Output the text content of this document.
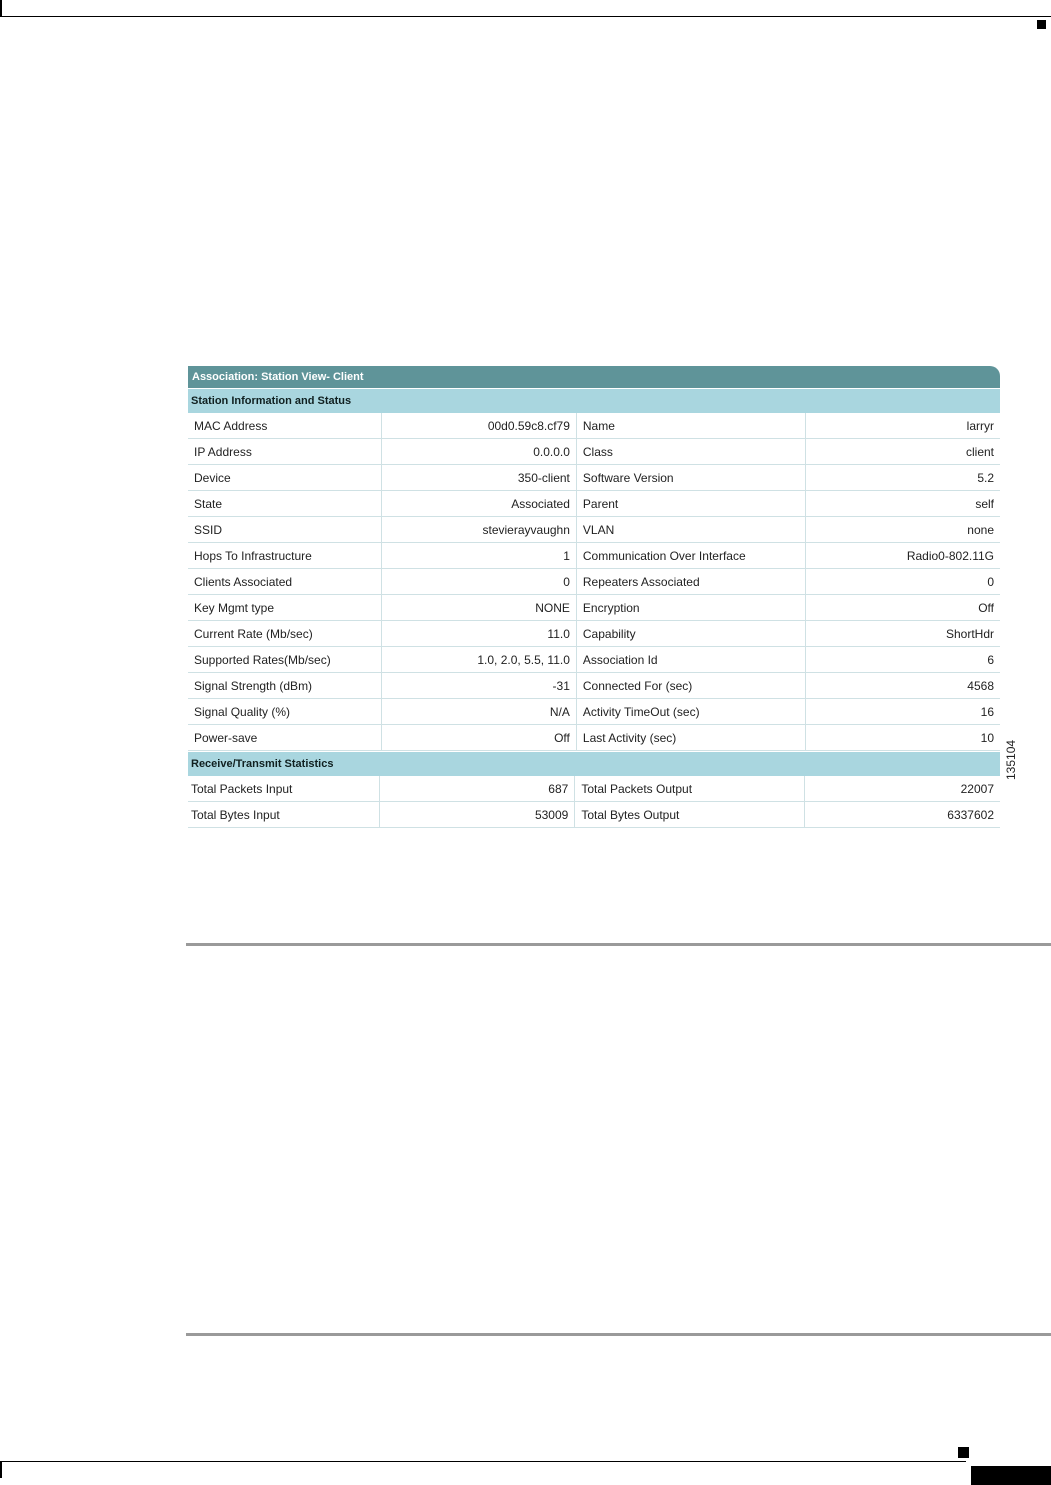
Association: Station View- Client
Station Information and Status
MAC Address	00d0.59c8.cf79	Name	larryr
IP Address	0.0.0.0	Class	client
Device	350-client	Software Version	5.2
State	Associated	Parent	self
SSID	stevierayvaughn	VLAN	none
Hops To Infrastructure	1	Communication Over Interface	Radio0-802.11G
Clients Associated	0	Repeaters Associated	0
Key Mgmt type	NONE	Encryption	Off
Current Rate (Mb/sec)	11.0	Capability	ShortHdr
Supported Rates(Mb/sec)	1.0, 2.0, 5.5, 11.0	Association Id	6
Signal Strength (dBm)	-31	Connected For (sec)	4568
Signal Quality (%)	N/A	Activity TimeOut (sec)	16
Power-save	Off	Last Activity (sec)	10
Receive/Transmit Statistics
Total Packets Input	687	Total Packets Output	22007
Total Bytes Input	53009	Total Bytes Output	6337602
135104
